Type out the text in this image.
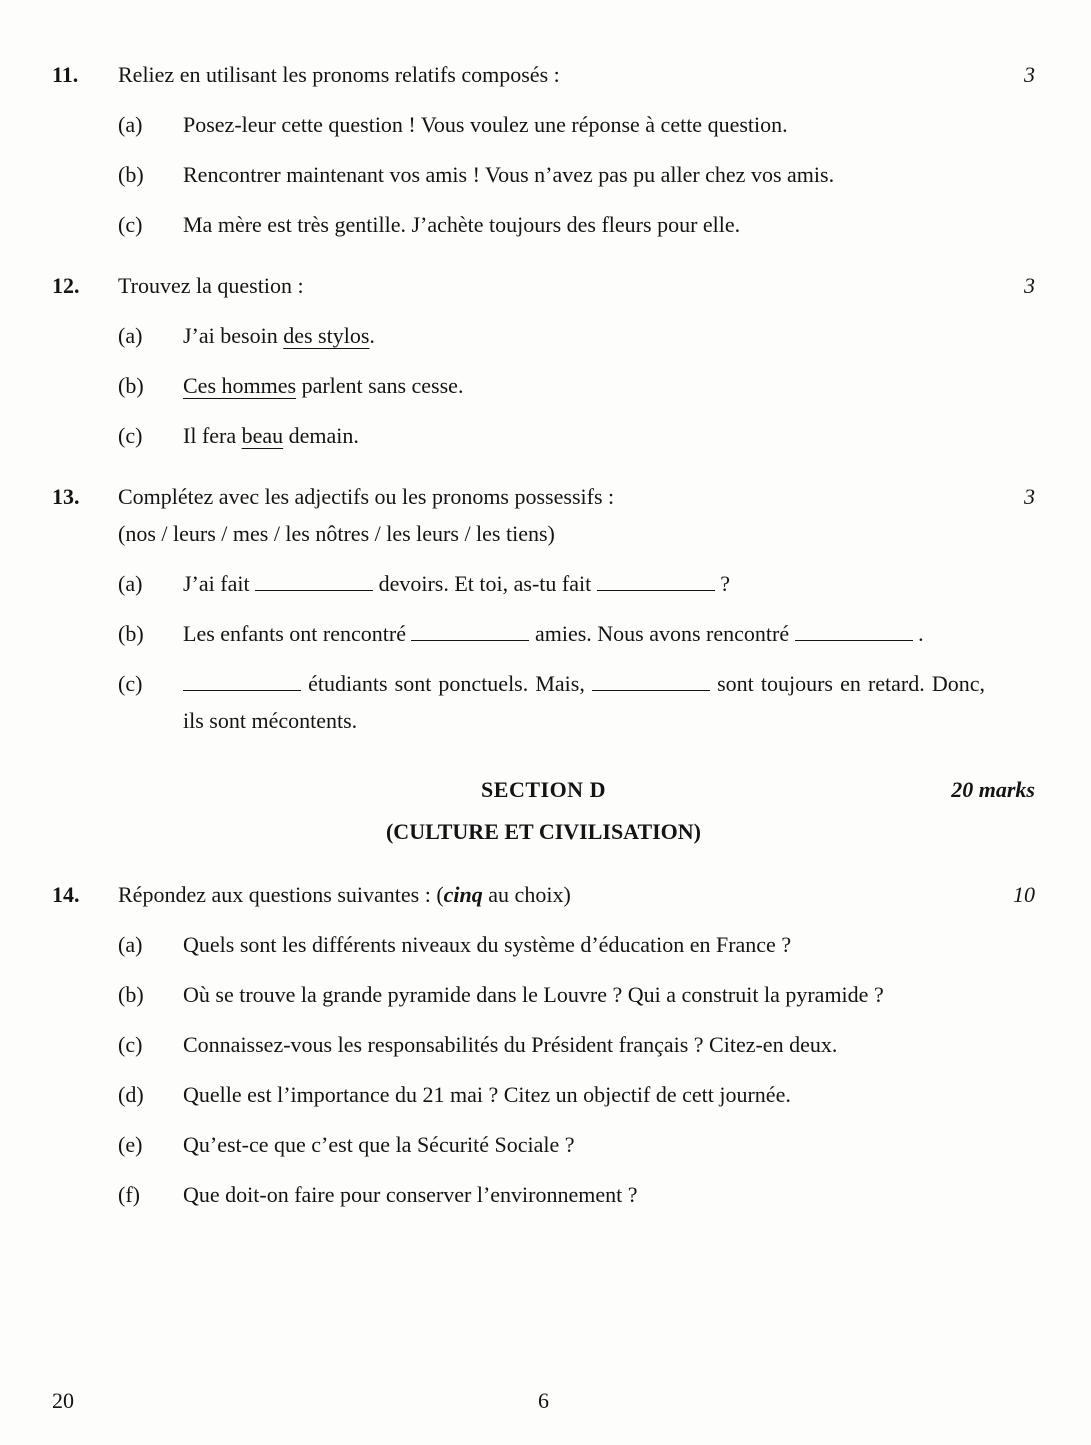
11.	Reliez en utilisant les pronoms relatifs composés :	3
(a)	Posez-leur cette question ! Vous voulez une réponse à cette question.
(b)	Rencontrer maintenant vos amis ! Vous n’avez pas pu aller chez vos amis.
(c)	Ma mère est très gentille. J’achète toujours des fleurs pour elle.
12.	Trouvez la question :	3
(a)	J’ai besoin des stylos.
(b)	Ces hommes parlent sans cesse.
(c)	Il fera beau demain.
13.	Complétez avec les adjectifs ou les pronoms possessifs :
(nos / leurs / mes / les nôtres / les leurs / les tiens)
3
(a)	J’ai fait	devoirs. Et toi, as-tu fait	?
(b)	Les enfants ont rencontré	amies. Nous avons rencontré	.
(c)	étudiants sont ponctuels. Mais,	sont toujours en retard. Donc, ils sont mécontents.
SECTION D	20 marks
(CULTURE ET CIVILISATION)
14.	Répondez aux questions suivantes : (cinq au choix)	10
(a)	Quels sont les différents niveaux du système d’éducation en France ?
(b)	Où se trouve la grande pyramide dans le Louvre ? Qui a construit la pyramide ?
(c)	Connaissez-vous les responsabilités du Président français ? Citez-en deux.
(d)	Quelle est l’importance du 21 mai ? Citez un objectif de cett journée.
(e)	Qu’est-ce que c’est que la Sécurité Sociale ?
(f)	Que doit-on faire pour conserver l’environnement ?
20	6
